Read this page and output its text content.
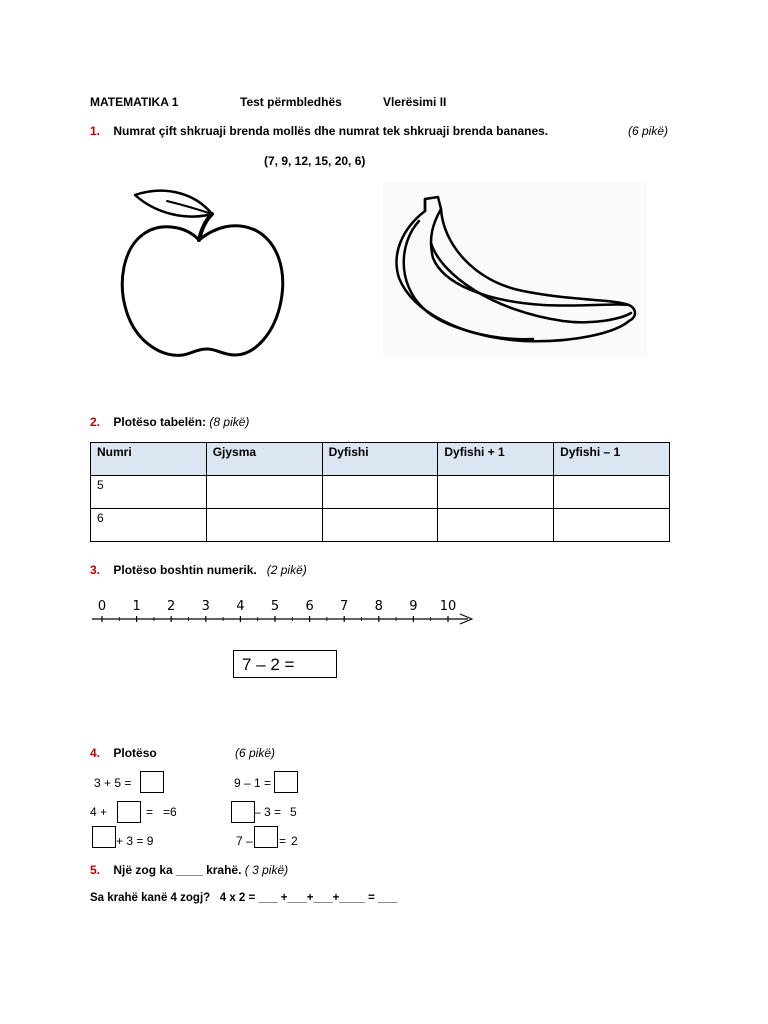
MATEMATIKA 1	Test përmbledhës	Vlerësimi II
1. Numrat çift shkruaji brenda mollës dhe numrat tek shkruaji brenda bananes.	(6 pikë)
(7, 9, 12, 15, 20, 6)
2. Plotëso tabelën: (8 pikë)
Numri	Gjysma	Dyfishi	Dyfishi + 1	Dyfishi – 1
5				
6				
3. Plotëso boshtin numerik. (2 pikë)
0 1 2 3 4 5 6 7 8 9 10
7 – 2 =
4. Plotëso	(6 pikë)
3 + 5 =	9 – 1 =
4 +	= =6	– 3 = 5
+ 3 = 9	7 – = 2
5. Një zog ka ____ krahë. ( 3 pikë)
Sa krahë kanë 4 zogj?   4 x 2 = ___ +___+___+____ = ___
